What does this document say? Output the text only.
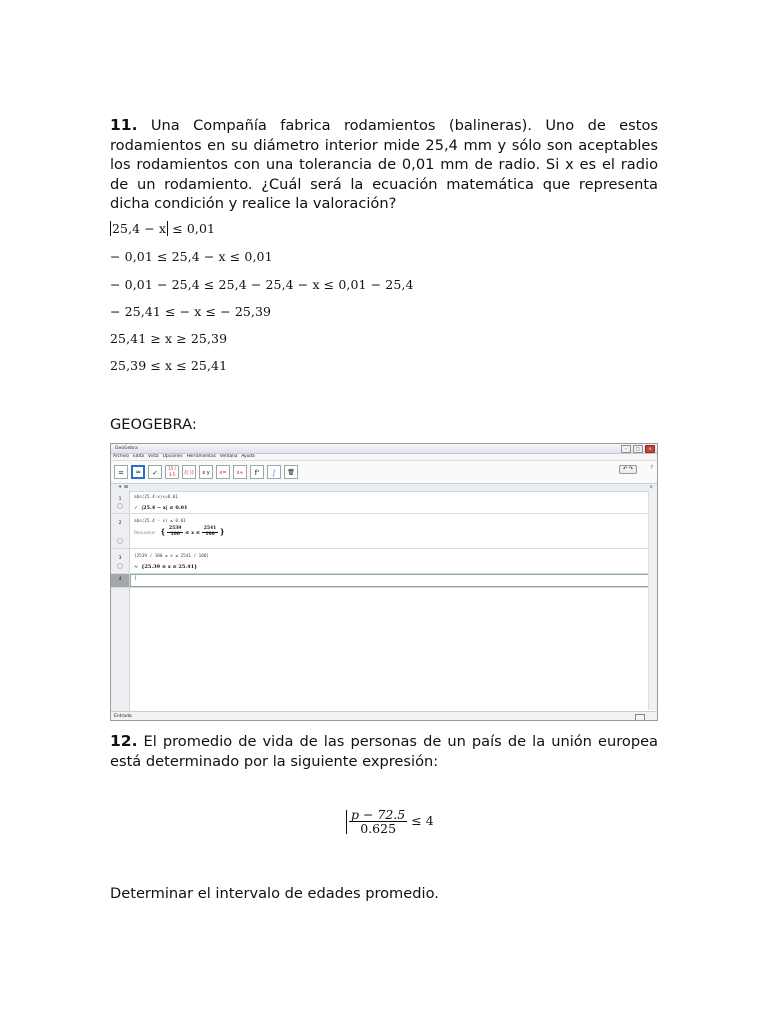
11. Una Compañía fabrica rodamientos (balineras). Uno de estos rodamientos en su diámetro interior mide 25,4 mm y sólo son aceptables los rodamientos con una tolerancia de 0,01 mm de radio. Si x es el radio de un rodamiento. ¿Cuál será la ecuación matemática que representa dicha condición y realice la valoración?
25,4 − x ≤ 0,01
− 0,01 ≤ 25,4 − x ≤ 0,01
− 0,01 − 25,4 ≤ 25,4 − 25,4 − x ≤ 0,01 − 25,4
− 25,41 ≤ − x ≤ − 25,39
25,41 ≥ x ≥ 25,39
25,39 ≤ x ≤ 25,41
GEOGEBRA:
GeoGebra	–	□	×
Archivo Edita Vista Opciones Herramientas Ventana Ayuda
=	≈	✓
15 / 3·5	(( ))	x y	x=	x≈	f'	∫	🗑	↶ ↷	?
▾  ⊞	×
1	abs(25.4-x)<=0.01
✓ |25.4 − x| ≤ 0.01
2	abs(25.4 - x) ≤ 0.01
Resuelve: { $\frac{2539}{100} \le x \le \frac{2541}{100}$ }
3	{2539 / 100 ≤ x ≤ 2541 / 100}
≈ {25.39 ≤ x ≤ 25.41}
4	|
Entrada
12. El promedio de vida de las personas de un país de la unión europea está determinado por la siguiente expresión:
$\frac{p - 72.5}{0.625} \le 4$
Determinar el intervalo de edades promedio.
